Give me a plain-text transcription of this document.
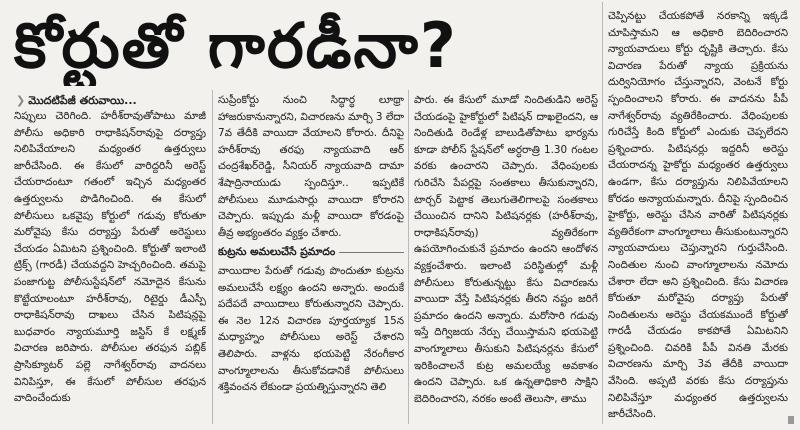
కోర్టుతో గారడీనా?
❯ మొదటిపేజీ తరువాయి...

నిప్పులు చెరిగింది. హరీశ్‌రావుతోపాటు మాజీ పోలీసు అధికారి రాధాకిషన్‌రావుపై దర్యాప్తు నిలిపివేయాలని మధ్యంతర ఉత్తర్వులు జారీచేసింది. ఈ కేసులో వారిద్దరినీ అరెస్ట్ చేయరాదంటూ గతంలో ఇచ్చిన మధ్యంతర ఉత్తర్వులను పొడిగించింది. ఈ కేసులో పోలీసులు ఒకవైపు కోర్టులో గడువు కోరుతూ మరోవైపు కేసు దర్యాప్తు పేరుతో అరెస్టులు చేయడం ఏమిటని ప్రశ్నించింది. కోర్టుతో ఇలాంటి ట్రిక్స్ (గారడీ) చేయవద్దని హెచ్చరించింది. తమపై పంజాగుట్ట పోలీసుస్టేషన్‌లో నమోదైన కేసును కొట్టేయాలంటూ హరీశ్‌రావు, రిటైర్డు డీఎస్పీ రాధాకిషన్‌రావు దాఖలు చేసిన పిటిషన్లపై బుధవారం న్యాయమూర్తి జస్టిస్ కే లక్ష్మణ్ విచారణ జరిపారు. పోలీసుల తరఫున పబ్లిక్ ప్రాసిక్యూటర్ పల్లె నాగేశ్వర్‌రావు వాదనలు వినిపిస్తూ, ఈ కేసులో పోలీసుల తరఫున వాదించేందుకు

సుప్రీంకోర్టు నుంచి సిద్ధార్థ లూథ్రా హాజరుకానున్నారని, విచారణను మార్చి 3 లేదా 7వ తేదీకి వాయిదా వేయాలని కోరారు. దీనిపై హరీశ్‌రావు తరఫు న్యాయవాది ఆర్ చంద్రశేఖర్‌రెడ్డి, సీనియర్ న్యాయవాది దామా శేషాద్రినాయుడు స్పందిస్తూ.. ఇప్పటికే పోలీసులు మూడుసార్లు వాయిదా కోరారని చెప్పారు. ఇప్పుడు మళ్లీ వాయిదా కోరడంపై తీవ్ర అభ్యంతరం వ్యక్తం చేశారు.

కుట్రను అమలుచేసే ప్రమాదం

వాయిదాల పేరుతో గడువు పొందుతూ కుట్రను అమలుచేసే లక్ష్యం ఉందని అన్నారు. అందుకే పదేపదే వాయిదాలు కోరుతున్నారని చెప్పారు. ఈ నెల 12న విచారణ పూర్తయ్యాక 15న మధ్యాహ్నం పోలీసులు అరెస్ట్ చేశారని తెలిపారు. వాళ్లను భయపెట్టి నేరంగీకార వాంగ్మూలాలను తీసుకోవడానికే పోలీసులు శక్తివంచన లేకుండా ప్రయత్నిస్తున్నారని తెలి

పారు. ఈ కేసులో మూడో నిందితుడిని అరెస్ట్ చేయడంపై హైకోర్టులో పిటిషన్ దాఖలైందని, ఆ నిందితుడి రెండేళ్ల బాలుడితోపాటు భార్యను కూడా పోలీస్ స్టేషన్‌లో అర్ధరాత్రి 1.30 గంటల వరకు ఉంచారని చెప్పారు. వేధింపులకు గురిచేసి పేపర్లపై సంతకాలు తీసుకున్నారని, టార్చర్ పెట్టాక తెలుగుతెలిగాలపై సంతకాలు చేయించిన దానిని పిటిషనర్లకు (హరీశ్‌రావు, రాధాకిషన్‌రావు) వ్యతిరేకంగా ఉపయోగించుకునే ప్రమాదం ఉందని ఆందోళన వ్యక్తంచేశారు. ఇలాంటి పరిస్థితుల్లో మళ్లీ పోలీసులు కోరుతున్నట్టు కేసు విచారణను వాయిదా వేస్తే పిటిషనర్లకు తీరని నష్టం జరిగే ప్రమాదం ఉందని అన్నారు. మరోసారి గడువు ఇస్తే దిగ్విజయ నేర్పు చేయిస్తామని భయపెట్టి వాంగ్మూలాలు తీసుకుని పిటిషనర్లను కేసులో ఇరికించాలనే కుట్ర అమలయ్యే అవకాశం ఉందని చెప్పారు. ఒక ఉన్నతాధికారి సాక్షిని బెదిరించారని, నరకం అంటే తెలుసా, తాము

చెప్పినట్టు చేయకపోతే నరకాన్ని ఇక్కడే చూపిస్తామని ఆ అధికారి బెదిరించారని న్యాయవాదులు కోర్టు దృష్టికి తెచ్చారు. కేసు విచారణ పేరుతో న్యాయ ప్రక్రియను దుర్వినియోగం చేస్తున్నారని, వెంటనే కోర్టు స్పందించాలని కోరారు. ఈ వాదనను పీపీ నాగేశ్వర్‌రావు వ్యతిరేకించారు. వేధింపులకు గురిచేస్తే కింది కోర్టులో ఎందుకు చెప్పలేదని ప్రశ్నించారు. పిటిషనర్లు ఇద్దరినీ అరెస్టు చేయరాదన్న హైకోర్టు మధ్యంతర ఉత్తర్వులు ఉండగా, కేసు దర్యాప్తును నిలిపివేయాలని కోరడం అన్యాయమన్నారు. దీనిపై స్పందించిన హైకోర్టు, అరెస్టు చేసిన వారితో పిటిషనర్లకు వ్యతిరేకంగా వాంగ్మూలాలు తీసుకుంటున్నారని న్యాయవాదులు చెప్తున్నారని గుర్తుచేసింది. నిందితుల నుంచి వాంగ్మూలాలను నమోదు చేశారా లేదా అని ప్రశ్నించింది. కేసు విచారణ కోరుతూ మరోవైపు దర్యాప్తు పేరుతో నిందితులను అరెస్టు చేయకముందే కోర్టుతో గారడీ చేయడం కాకపోతే ఏమిటనిని ప్రశ్నించింది. చివరికి పీపీ వినతి మేరకు విచారణను మార్చి 3వ తేదీకి వాయిదా వేసింది. అప్పటి వరకు కేసు దర్యాప్తును నిలిపివేస్తూ మధ్యంతర ఉత్తర్వులను జారీచేసింది.
